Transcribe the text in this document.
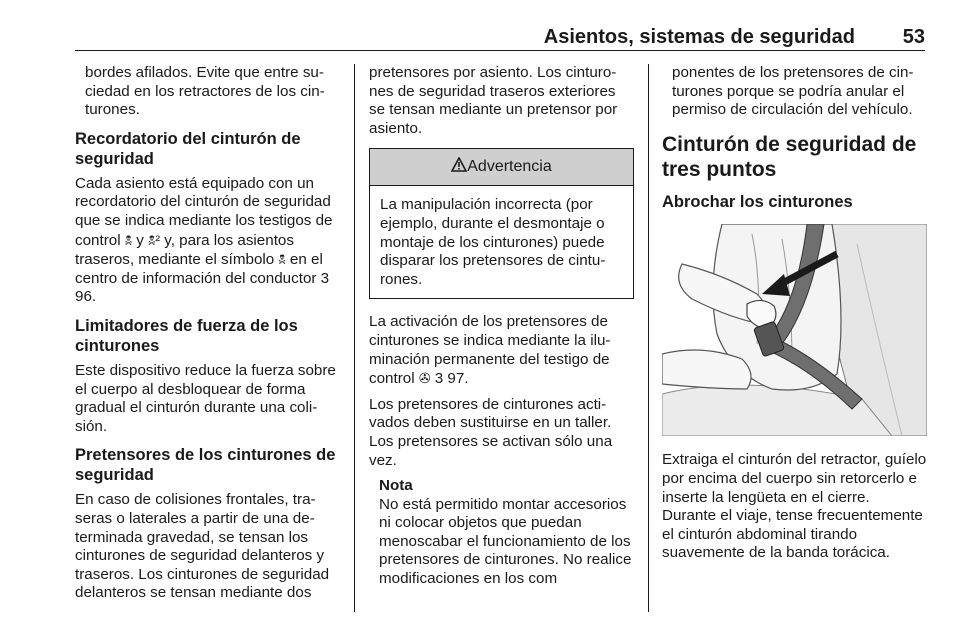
Asientos, sistemas de seguridad 53

bordes afilados. Evite que entre suciedad en los retractores de los cinturones.

Recordatorio del cinturón de seguridad

Cada asiento está equipado con un recordatorio del cinturón de seguridad que se indica mediante los testigos de control 🕱 y 🕱² y, para los asientos traseros, mediante el símbolo 🕱 en el centro de información del conductor 3 96.

Limitadores de fuerza de los cinturones

Este dispositivo reduce la fuerza sobre el cuerpo al desbloquear de forma gradual el cinturón durante una colisión.

Pretensores de los cinturones de seguridad

En caso de colisiones frontales, traseras o laterales a partir de una determinada gravedad, se tensan los cinturones de seguridad delanteros y traseros. Los cinturones de seguridad delanteros se tensan mediante dos

pretensores por asiento. Los cinturones de seguridad traseros exteriores se tensan mediante un pretensor por asiento.

Advertencia
La manipulación incorrecta (por ejemplo, durante el desmontaje o montaje de los cinturones) puede disparar los pretensores de cinturones.

La activación de los pretensores de cinturones se indica mediante la iluminación permanente del testigo de control ✇ 3 97.

Los pretensores de cinturones activados deben sustituirse en un taller. Los pretensores se activan sólo una vez.

Nota
No está permitido montar accesorios ni colocar objetos que puedan menoscabar el funcionamiento de los pretensores de cinturones. No realice modificaciones en los com

ponentes de los pretensores de cinturones porque se podría anular el permiso de circulación del vehículo.

Cinturón de seguridad de tres puntos
Abrochar los cinturones

Extraiga el cinturón del retractor, guíelo por encima del cuerpo sin retorcerlo e inserte la lengüeta en el cierre. Durante el viaje, tense frecuentemente el cinturón abdominal tirando suavemente de la banda torácica.
